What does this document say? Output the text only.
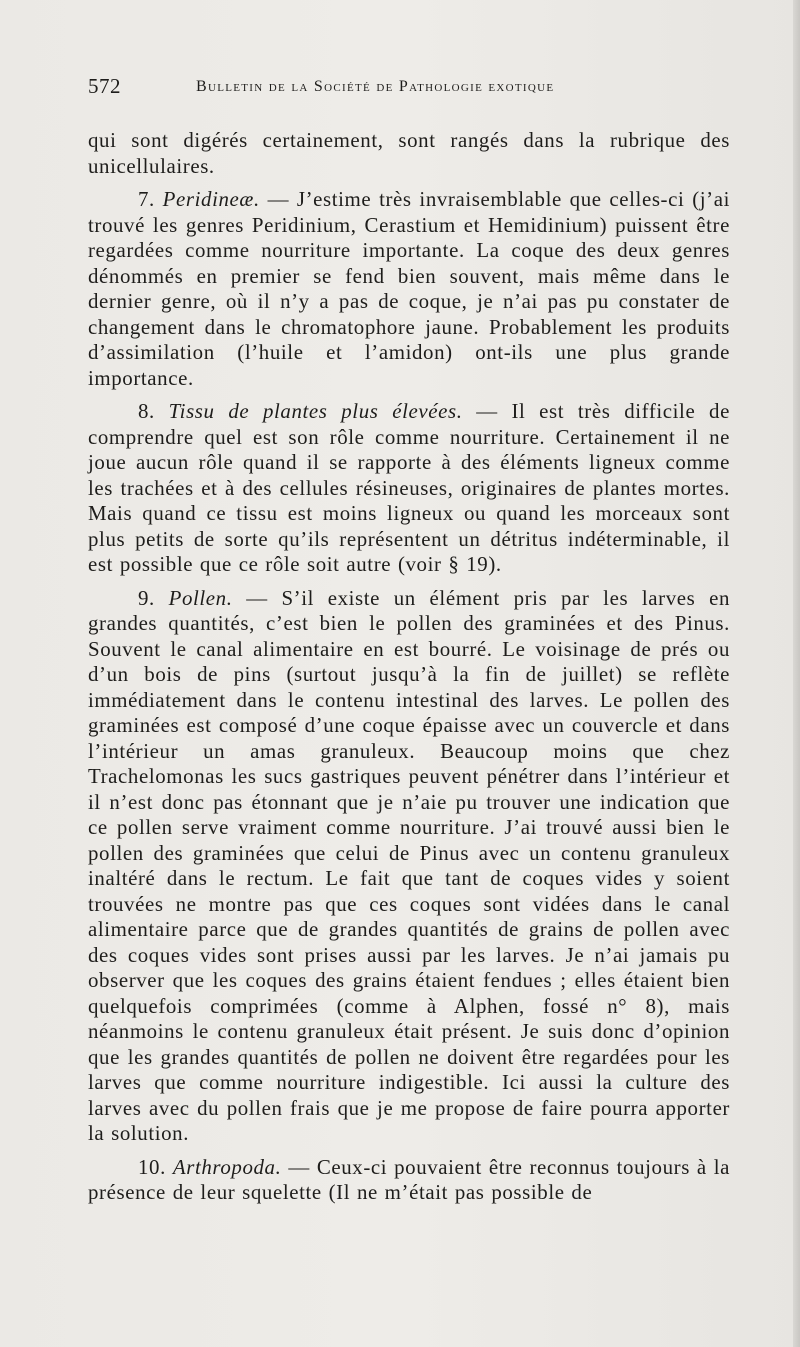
572	Bulletin de la Société de Pathologie exotique

qui sont digérés certainement, sont rangés dans la rubrique des unicellulaires.

7. Peridineæ. — J’estime très invraisemblable que celles-ci (j’ai trouvé les genres Peridinium, Cerastium et Hemidinium) puissent être regardées comme nourriture importante. La coque des deux genres dénommés en premier se fend bien souvent, mais même dans le dernier genre, où il n’y a pas de coque, je n’ai pas pu constater de changement dans le chromatophore jaune. Probablement les produits d’assimilation (l’huile et l’amidon) ont-ils une plus grande importance.

8. Tissu de plantes plus élevées. — Il est très difficile de comprendre quel est son rôle comme nourriture. Certainement il ne joue aucun rôle quand il se rapporte à des éléments ligneux comme les trachées et à des cellules résineuses, originaires de plantes mortes. Mais quand ce tissu est moins ligneux ou quand les morceaux sont plus petits de sorte qu’ils représentent un détritus indéterminable, il est possible que ce rôle soit autre (voir § 19).

9. Pollen. — S’il existe un élément pris par les larves en grandes quantités, c’est bien le pollen des graminées et des Pinus. Souvent le canal alimentaire en est bourré. Le voisinage de prés ou d’un bois de pins (surtout jusqu’à la fin de juillet) se reflète immédiatement dans le contenu intestinal des larves. Le pollen des graminées est composé d’une coque épaisse avec un couvercle et dans l’intérieur un amas granuleux. Beaucoup moins que chez Trachelomonas les sucs gastriques peuvent pénétrer dans l’intérieur et il n’est donc pas étonnant que je n’aie pu trouver une indication que ce pollen serve vraiment comme nourriture. J’ai trouvé aussi bien le pollen des graminées que celui de Pinus avec un contenu granuleux inaltéré dans le rectum. Le fait que tant de coques vides y soient trouvées ne montre pas que ces coques sont vidées dans le canal alimentaire parce que de grandes quantités de grains de pollen avec des coques vides sont prises aussi par les larves. Je n’ai jamais pu observer que les coques des grains étaient fendues ; elles étaient bien quelquefois comprimées (comme à Alphen, fossé n° 8), mais néanmoins le contenu granuleux était présent. Je suis donc d’opinion que les grandes quantités de pollen ne doivent être regardées pour les larves que comme nourriture indigestible. Ici aussi la culture des larves avec du pollen frais que je me propose de faire pourra apporter la solution.

10. Arthropoda. — Ceux-ci pouvaient être reconnus toujours à la présence de leur squelette (Il ne m’était pas possible de
